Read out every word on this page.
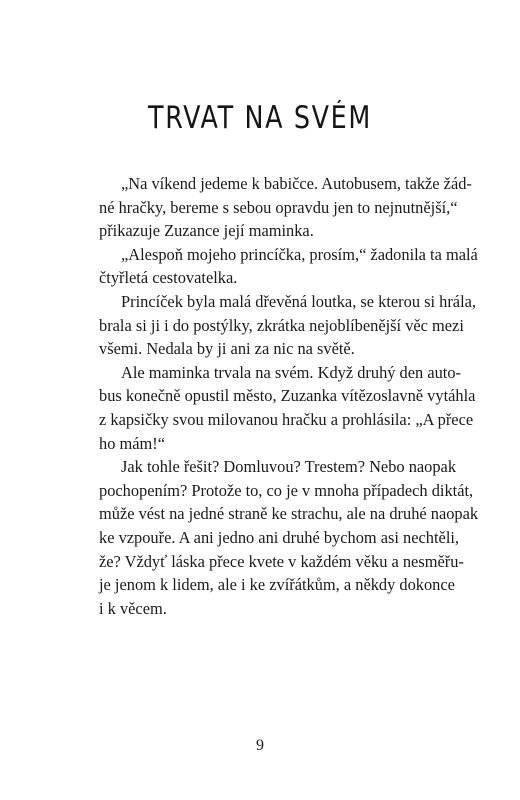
TRVAT NA SVÉM

„Na víkend jedeme k babičce. Autobusem, takže žád-
né hračky, bereme s sebou opravdu jen to nejnutnější,“
přikazuje Zuzance její maminka.

„Alespoň mojeho princíčka, prosím,“ žadonila ta malá
čtyřletá cestovatelka.

Princíček byla malá dřevěná loutka, se kterou si hrála,
brala si ji i do postýlky, zkrátka nejoblíbenější věc mezi
všemi. Nedala by ji ani za nic na světě.

Ale maminka trvala na svém. Když druhý den auto-
bus konečně opustil město, Zuzanka vítězoslavně vytáhla
z kapsičky svou milovanou hračku a prohlásila: „A přece
ho mám!“

Jak tohle řešit? Domluvou? Trestem? Nebo naopak
pochopením? Protože to, co je v mnoha případech diktát,
může vést na jedné straně ke strachu, ale na druhé naopak
ke vzpouře. A ani jedno ani druhé bychom asi nechtěli,
že? Vždyť láska přece kvete v každém věku a nesměřu-
je jenom k lidem, ale i ke zvířátkům, a někdy dokonce
i k věcem.

9
